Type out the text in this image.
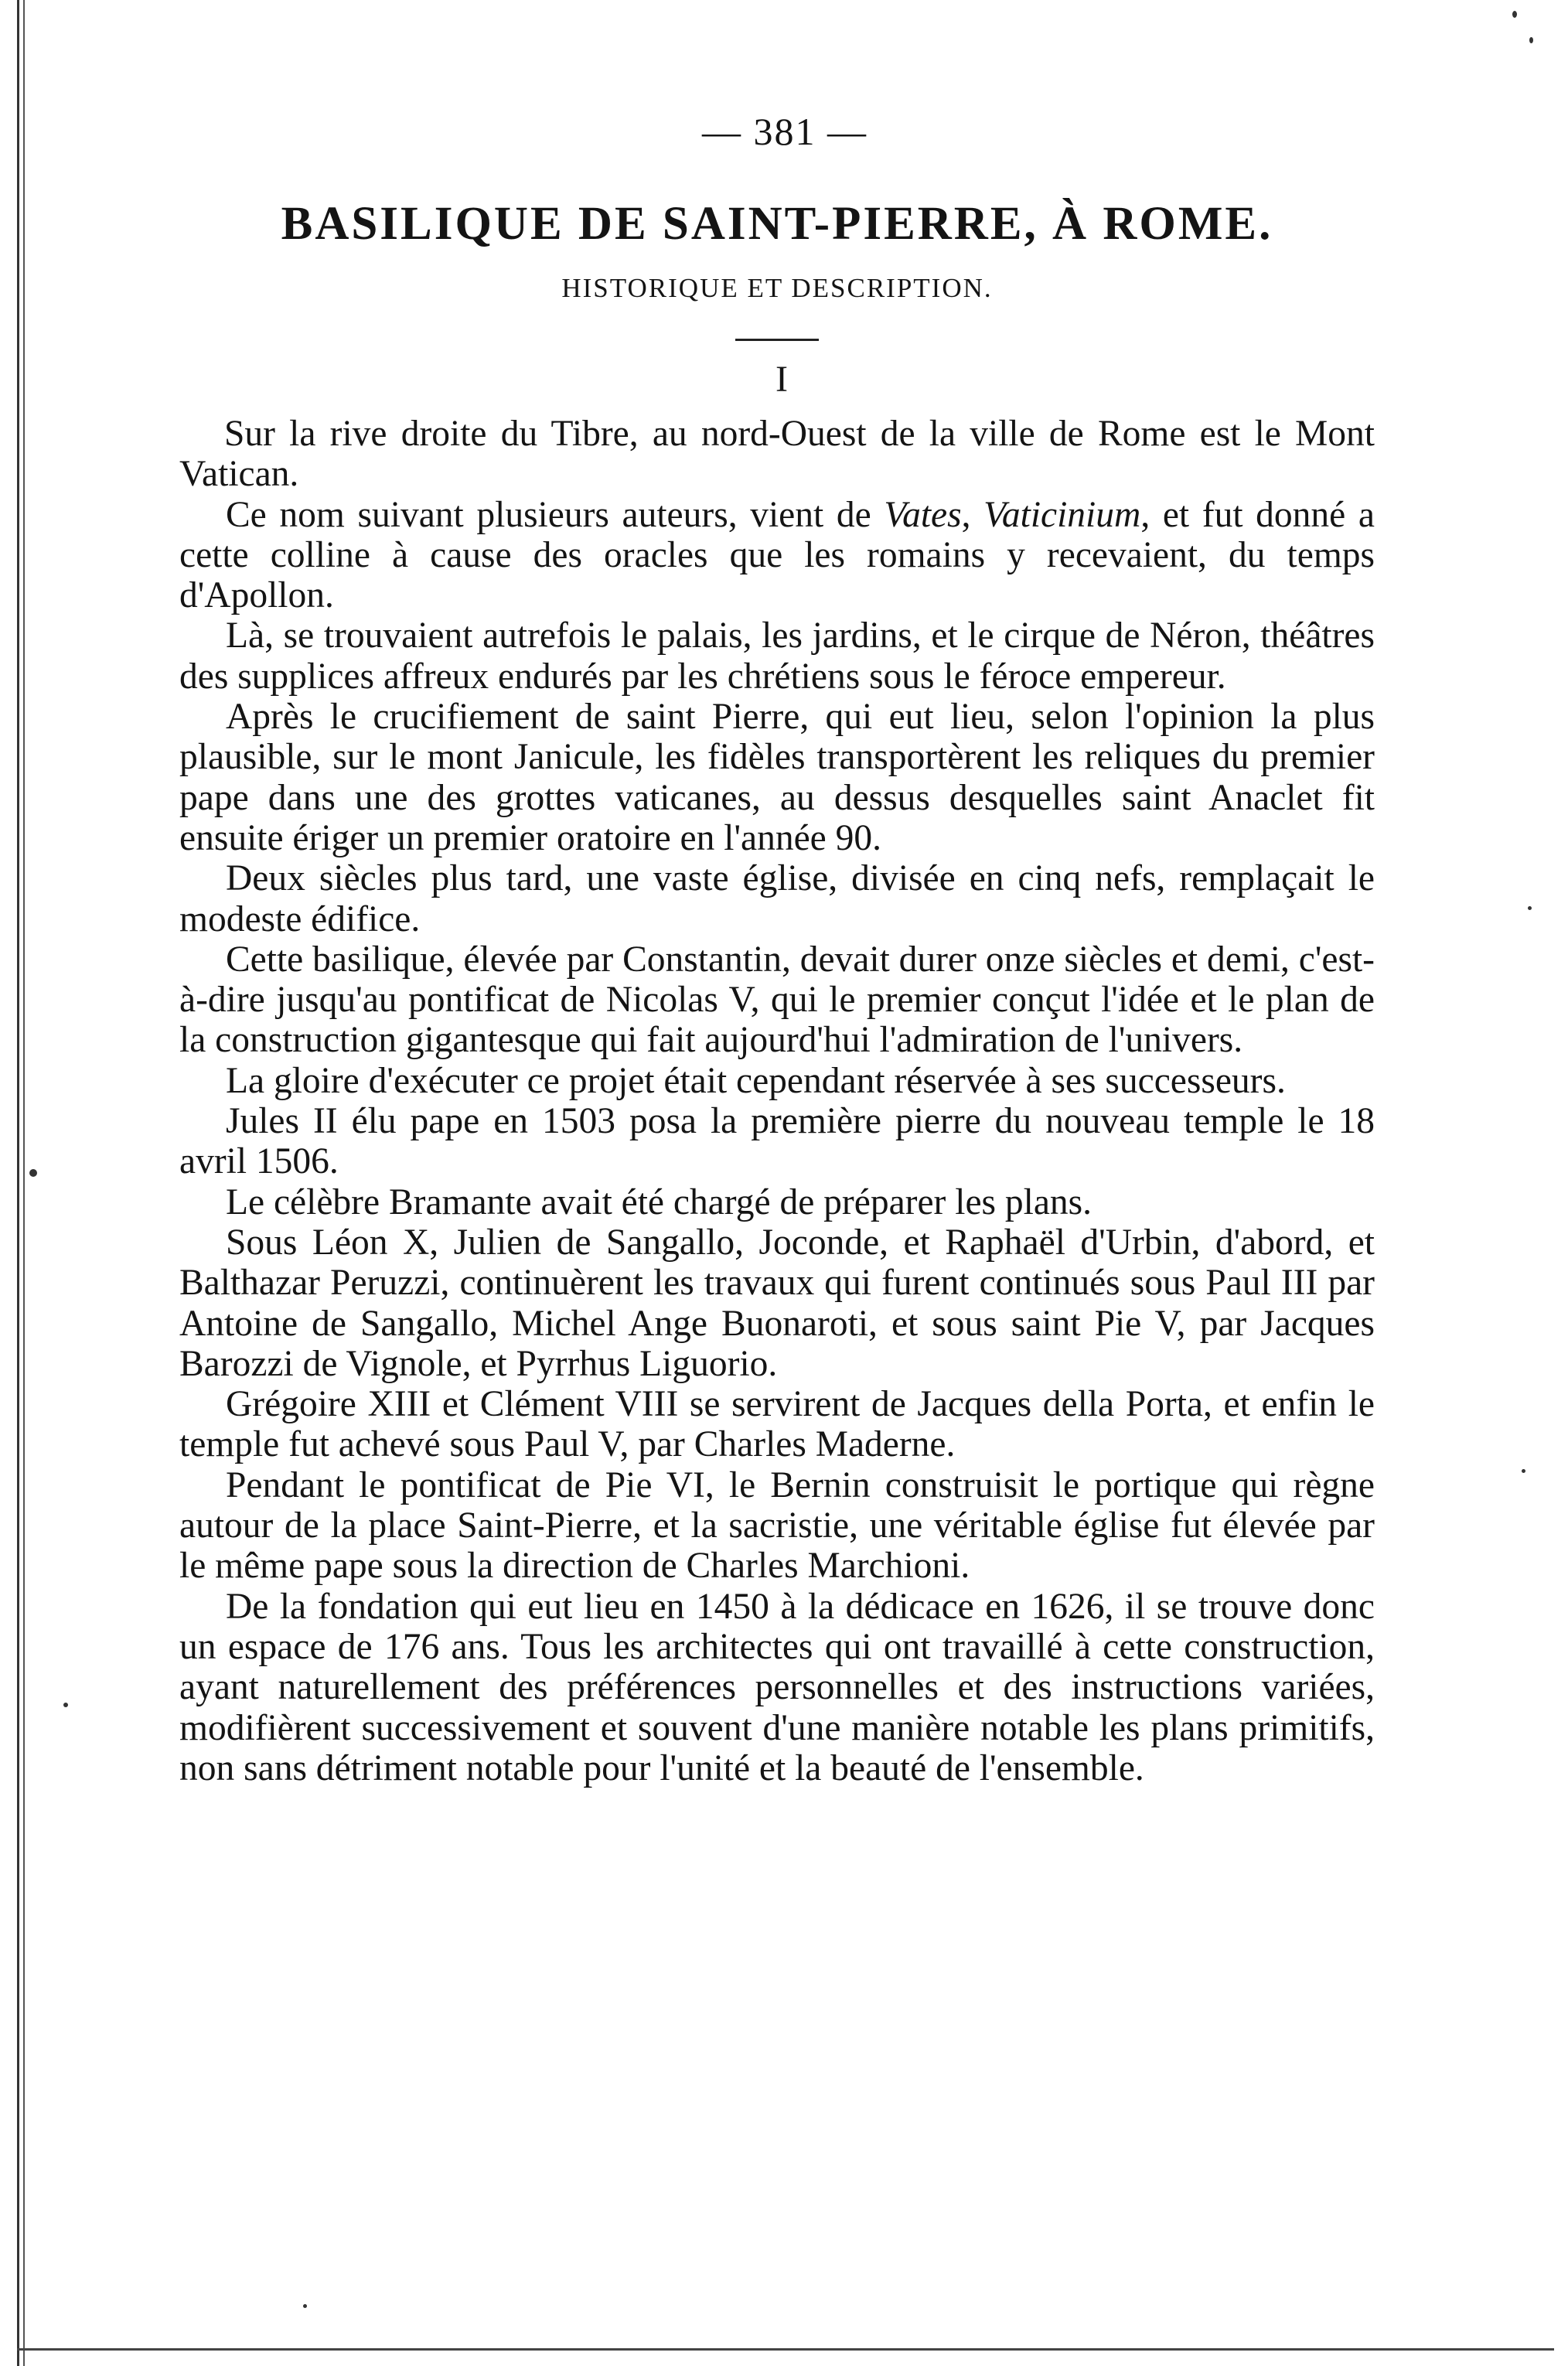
— 381 —
BASILIQUE DE SAINT-PIERRE, À ROME.
HISTORIQUE ET DESCRIPTION.
I

Sur la rive droite du Tibre, au nord-Ouest de la ville de Rome est le Mont Vatican.

Ce nom suivant plusieurs auteurs, vient de Vates, Vaticinium, et fut donné a cette colline à cause des oracles que les romains y recevaient, du temps d'Apollon.

Là, se trouvaient autrefois le palais, les jardins, et le cirque de Néron, théâtres des supplices affreux endurés par les chrétiens sous le féroce empereur.

Après le crucifiement de saint Pierre, qui eut lieu, selon l'opinion la plus plausible, sur le mont Janicule, les fidèles transportèrent les reliques du premier pape dans une des grottes vaticanes, au dessus desquelles saint Anaclet fit ensuite ériger un premier oratoire en l'année 90.

Deux siècles plus tard, une vaste église, divisée en cinq nefs, remplaçait le modeste édifice.

Cette basilique, élevée par Constantin, devait durer onze siècles et demi, c'est-à-dire jusqu'au pontificat de Nicolas V, qui le premier conçut l'idée et le plan de la construction gigantesque qui fait aujourd'hui l'admiration de l'univers.

La gloire d'exécuter ce projet était cependant réservée à ses successeurs.

Jules II élu pape en 1503 posa la première pierre du nouveau temple le 18 avril 1506.

Le célèbre Bramante avait été chargé de préparer les plans.

Sous Léon X, Julien de Sangallo, Joconde, et Raphaël d'Urbin, d'abord, et Balthazar Peruzzi, continuèrent les travaux qui furent continués sous Paul III par Antoine de Sangallo, Michel Ange Buonaroti, et sous saint Pie V, par Jacques Barozzi de Vignole, et Pyrrhus Liguorio.

Grégoire XIII et Clément VIII se servirent de Jacques della Porta, et enfin le temple fut achevé sous Paul V, par Charles Maderne.

Pendant le pontificat de Pie VI, le Bernin construisit le portique qui règne autour de la place Saint-Pierre, et la sacristie, une véritable église fut élevée par le même pape sous la direction de Charles Marchioni.

De la fondation qui eut lieu en 1450 à la dédicace en 1626, il se trouve donc un espace de 176 ans. Tous les architectes qui ont travaillé à cette construction, ayant naturellement des préférences personnelles et des instructions variées, modifièrent successivement et souvent d'une manière notable les plans primitifs, non sans détriment notable pour l'unité et la beauté de l'ensemble.
